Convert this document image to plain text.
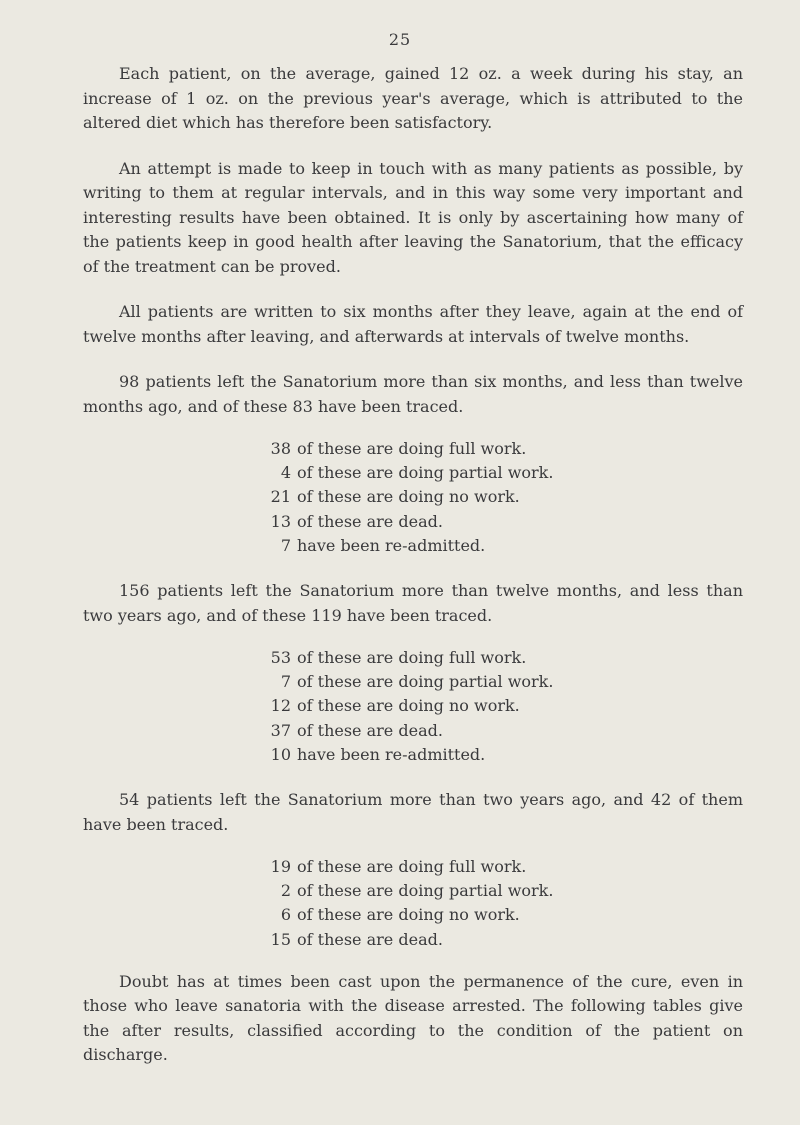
25

Each patient, on the average, gained 12 oz. a week during his stay, an increase of 1 oz. on the previous year's average, which is attributed to the altered diet which has therefore been satisfactory.

An attempt is made to keep in touch with as many patients as possible, by writing to them at regular intervals, and in this way some very important and interesting results have been obtained. It is only by ascertaining how many of the patients keep in good health after leaving the Sanatorium, that the efficacy of the treatment can be proved.

All patients are written to six months after they leave, again at the end of twelve months after leaving, and afterwards at intervals of twelve months.

98 patients left the Sanatorium more than six months, and less than twelve months ago, and of these 83 have been traced.

38 of these are doing full work.
4 of these are doing partial work.
21 of these are doing no work.
13 of these are dead.
7 have been re-admitted.

156 patients left the Sanatorium more than twelve months, and less than two years ago, and of these 119 have been traced.

53 of these are doing full work.
7 of these are doing partial work.
12 of these are doing no work.
37 of these are dead.
10 have been re-admitted.

54 patients left the Sanatorium more than two years ago, and 42 of them have been traced.

19 of these are doing full work.
2 of these are doing partial work.
6 of these are doing no work.
15 of these are dead.

Doubt has at times been cast upon the permanence of the cure, even in those who leave sanatoria with the disease arrested. The following tables give the after results, classified according to the condition of the patient on discharge.
